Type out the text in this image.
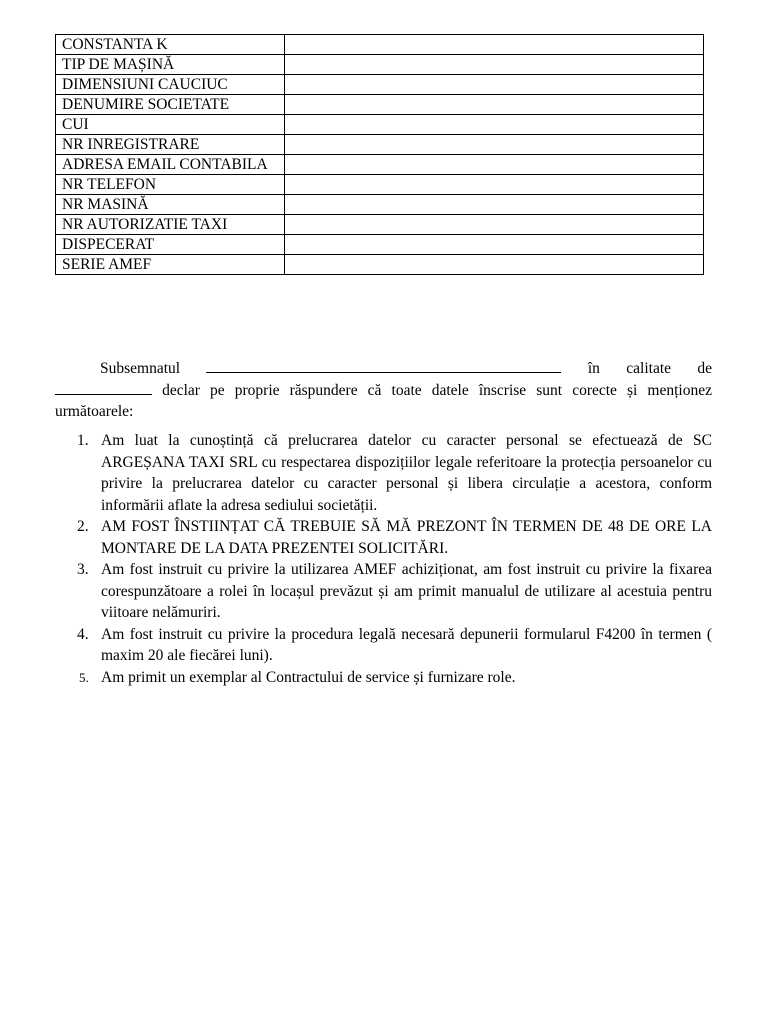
CONSTANTA K	
TIP DE MAȘINĂ	
DIMENSIUNI CAUCIUC	
DENUMIRE SOCIETATE	
CUI	
NR INREGISTRARE	
ADRESA EMAIL CONTABILA	
NR TELEFON	
NR MASINĂ	
NR AUTORIZATIE TAXI	
DISPECERAT	
SERIE AMEF	

Subsemnatul	în calitate de  declar pe proprie răspundere că toate datele înscrise sunt corecte și menționez următoarele:

1. Am luat la cunoștință că prelucrarea datelor cu caracter personal se efectuează de SC ARGEȘANA TAXI SRL cu respectarea dispozițiilor legale referitoare la protecția persoanelor cu privire la prelucrarea datelor cu caracter personal și libera circulație a acestora, conform informării aflate la adresa sediului societății.
2. AM FOST ÎNSTIINȚAT CĂ TREBUIE SĂ MĂ PREZONT ÎN TERMEN DE 48 DE ORE LA MONTARE DE LA DATA PREZENTEI SOLICITĂRI.
3. Am fost instruit cu privire la utilizarea AMEF achiziționat, am fost instruit cu privire la fixarea corespunzătoare a rolei în locașul prevăzut și am primit manualul de utilizare al acestuia pentru viitoare nelămuriri.
4. Am fost instruit cu privire la procedura legală necesară depunerii formularul F4200 în termen ( maxim 20 ale fiecărei luni).
5. Am primit un exemplar al Contractului de service și furnizare role.
